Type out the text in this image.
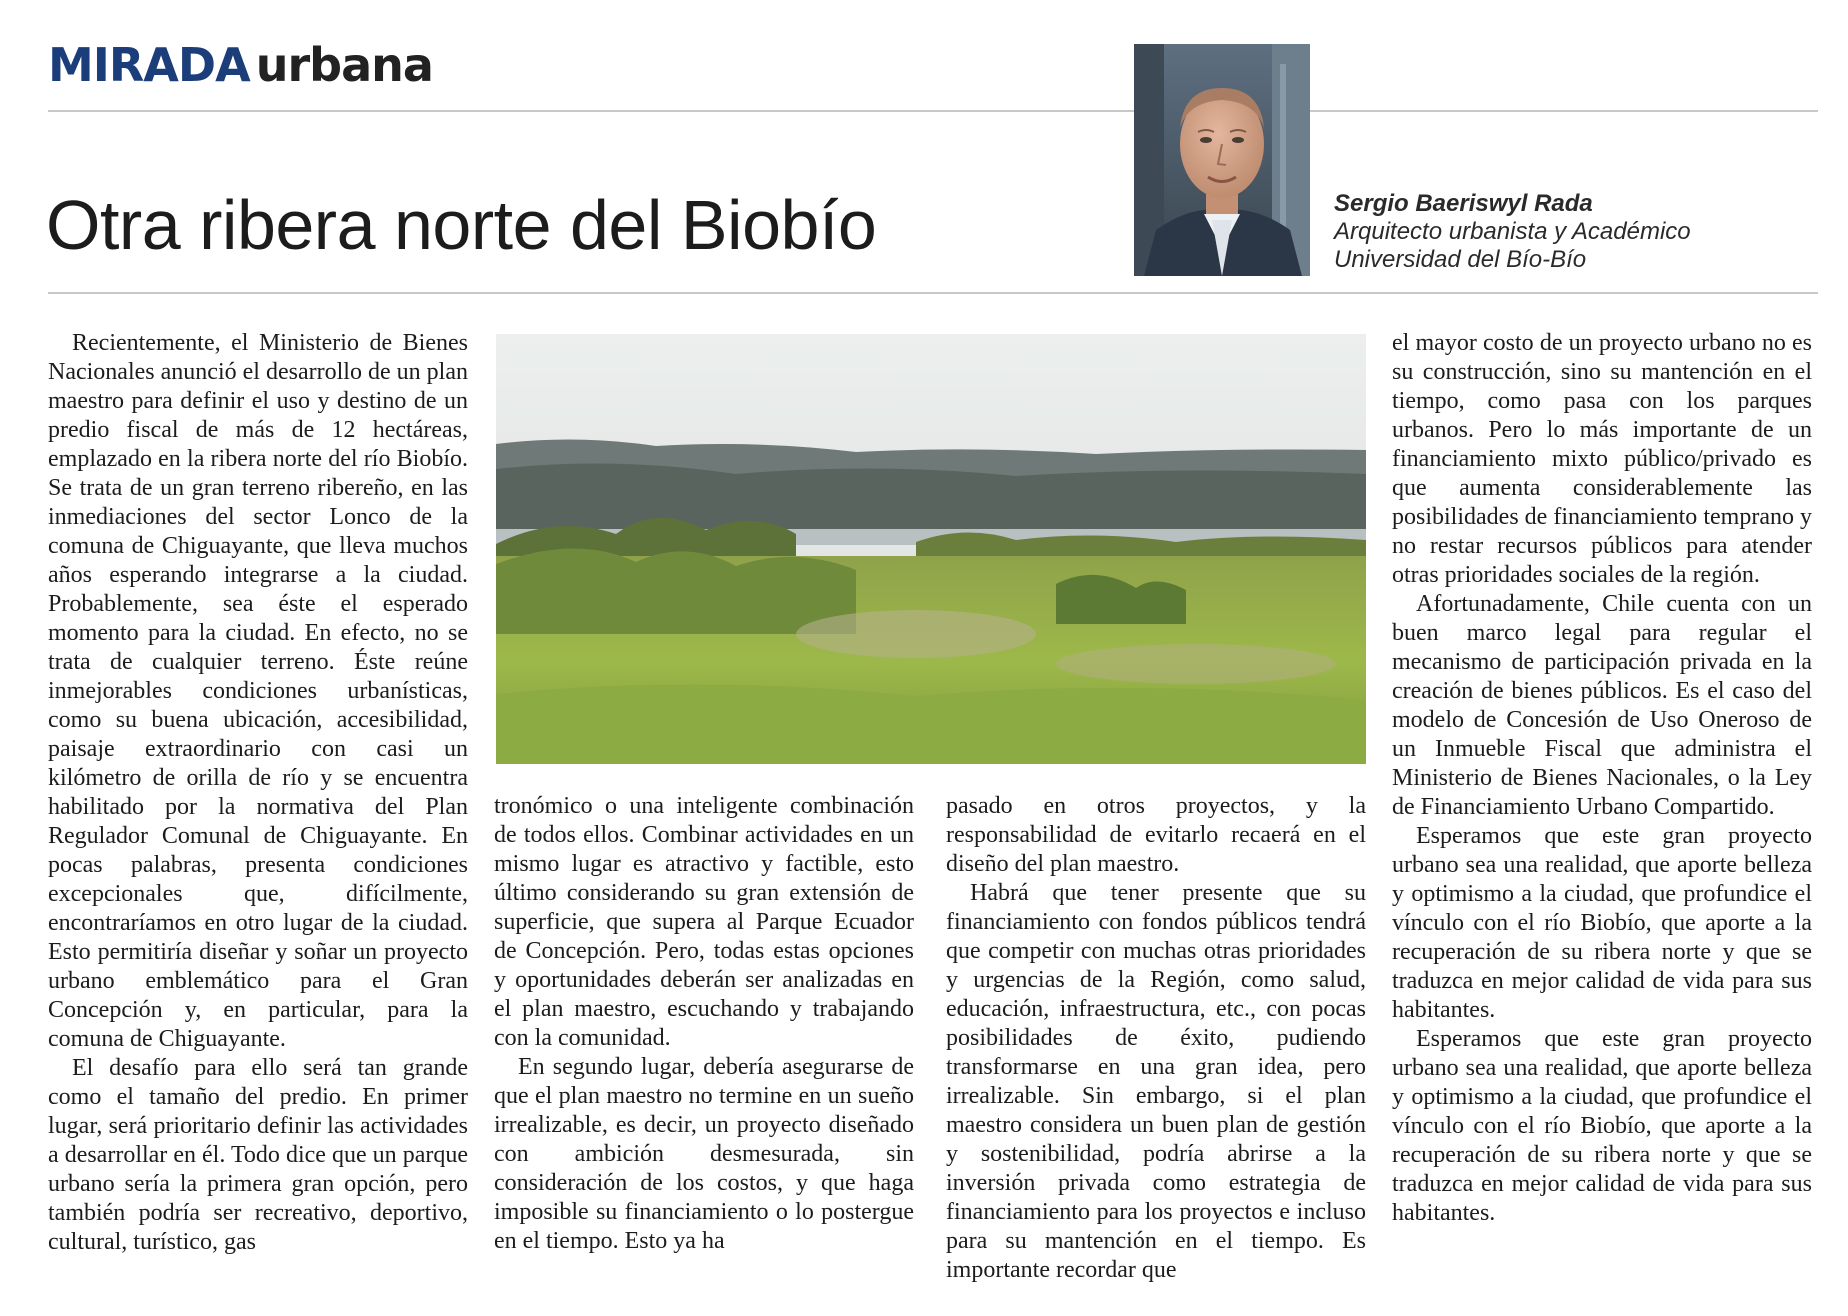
MIRADA urbana
Otra ribera norte del Biobío	Sergio Baeriswyl Rada
Arquitecto urbanista y Académico
Universidad del Bío-Bío

Recientemente, el Ministerio de Bienes Nacionales anunció el desarrollo de un plan maestro para definir el uso y destino de un predio fiscal de más de 12 hectáreas, emplazado en la ribera norte del río Biobío. Se trata de un gran terreno ribereño, en las inmediaciones del sector Lonco de la comuna de Chiguayante, que lleva muchos años esperando integrarse a la ciudad. Probablemente, sea éste el esperado momento para la ciudad. En efecto, no se trata de cualquier terreno. Éste reúne inmejorables condiciones urbanísticas, como su buena ubicación, accesibilidad, paisaje extraordinario con casi un kilómetro de orilla de río y se encuentra habilitado por la normativa del Plan Regulador Comunal de Chiguayante. En pocas palabras, presenta condiciones excepcionales que, difícilmente, encontraríamos en otro lugar de la ciudad. Esto permitiría diseñar y soñar un proyecto urbano emblemático para el Gran Concepción y, en particular, para la comuna de Chiguayante.

El desafío para ello será tan grande como el tamaño del predio. En primer lugar, será prioritario definir las actividades a desarrollar en él. Todo dice que un parque urbano sería la primera gran opción, pero también podría ser recreativo, deportivo, cultural, turístico, gas

tronómico o una inteligente combinación de todos ellos. Combinar actividades en un mismo lugar es atractivo y factible, esto último considerando su gran extensión de superficie, que supera al Parque Ecuador de Concepción. Pero, todas estas opciones y oportunidades deberán ser analizadas en el plan maestro, escuchando y trabajando con la comunidad.

En segundo lugar, debería asegurarse de que el plan maestro no termine en un sueño irrealizable, es decir, un proyecto diseñado con ambición desmesurada, sin consideración de los costos, y que haga imposible su financiamiento o lo postergue en el tiempo. Esto ya ha

pasado en otros proyectos, y la responsabilidad de evitarlo recaerá en el diseño del plan maestro.

Habrá que tener presente que su financiamiento con fondos públicos tendrá que competir con muchas otras prioridades y urgencias de la Región, como salud, educación, infraestructura, etc., con pocas posibilidades de éxito, pudiendo transformarse en una gran idea, pero irrealizable. Sin embargo, si el plan maestro considera un buen plan de gestión y sostenibilidad, podría abrirse a la inversión privada como estrategia de financiamiento para los proyectos e incluso para su mantención en el tiempo. Es importante recordar que

el mayor costo de un proyecto urbano no es su construcción, sino su mantención en el tiempo, como pasa con los parques urbanos. Pero lo más importante de un financiamiento mixto público/privado es que aumenta considerablemente las posibilidades de financiamiento temprano y no restar recursos públicos para atender otras prioridades sociales de la región.

Afortunadamente, Chile cuenta con un buen marco legal para regular el mecanismo de participación privada en la creación de bienes públicos. Es el caso del modelo de Concesión de Uso Oneroso de un Inmueble Fiscal que administra el Ministerio de Bienes Nacionales, o la Ley de Financiamiento Urbano Compartido.

Esperamos que este gran proyecto urbano sea una realidad, que aporte belleza y optimismo a la ciudad, que profundice el vínculo con el río Biobío, que aporte a la recuperación de su ribera norte y que se traduzca en mejor calidad de vida para sus habitantes.

Esperamos que este gran proyecto urbano sea una realidad, que aporte belleza y optimismo a la ciudad, que profundice el vínculo con el río Biobío, que aporte a la recuperación de su ribera norte y que se traduzca en mejor calidad de vida para sus habitantes.
